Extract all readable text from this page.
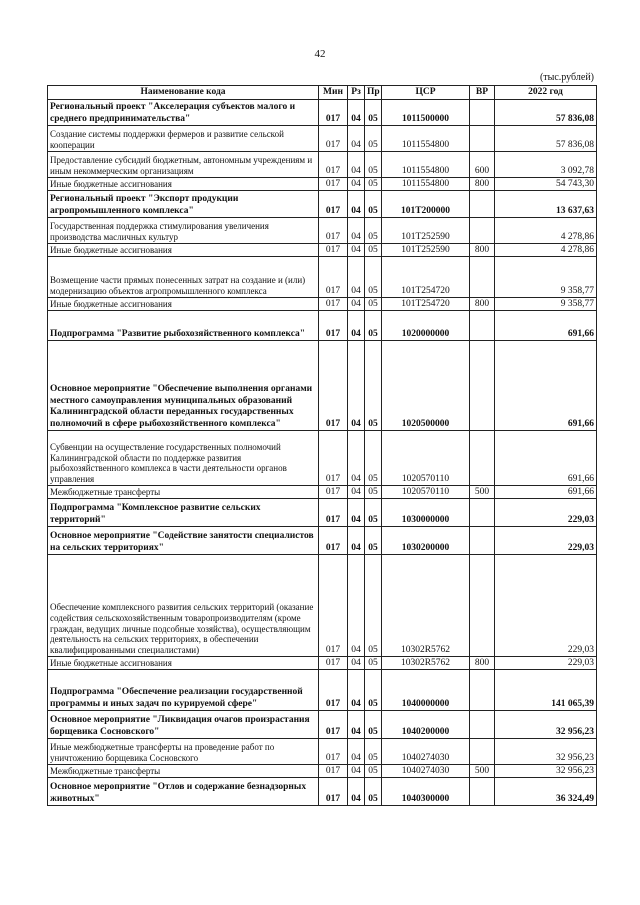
42
(тыс.рублей)
Наименование кода	Мин	Рз	Пр	ЦСР	ВР	2022 год
Региональный проект "Акселерация субъектов малого и среднего предпринимательства"	017	04	05	1011500000		57 836,08
Создание системы поддержки фермеров и развитие сельской кооперации	017	04	05	1011554800		57 836,08
Предоставление субсидий бюджетным, автономным учреждениям и иным некоммерческим организациям	017	04	05	1011554800	600	3 092,78
Иные бюджетные ассигнования	017	04	05	1011554800	800	54 743,30
Региональный проект "Экспорт продукции агропромышленного комплекса"	017	04	05	101Т200000		13 637,63
Государственная поддержка стимулирования увеличения производства масличных культур	017	04	05	101Т252590		4 278,86
Иные бюджетные ассигнования	017	04	05	101Т252590	800	4 278,86
Возмещение части прямых понесенных затрат на создание и (или) модернизацию объектов агропромышленного комплекса	017	04	05	101Т254720		9 358,77
Иные бюджетные ассигнования	017	04	05	101Т254720	800	9 358,77
Подпрограмма "Развитие рыбохозяйственного комплекса"	017	04	05	1020000000		691,66
Основное мероприятие "Обеспечение выполнения органами местного самоуправления муниципальных образований Калининградской области переданных государственных полномочий в сфере рыбохозяйственного комплекса"	017	04	05	1020500000		691,66
Субвенции на осуществление государственных полномочий Калининградской области по поддержке развития рыбохозяйственного комплекса в части деятельности органов управления	017	04	05	1020570110		691,66
Межбюджетные трансферты	017	04	05	1020570110	500	691,66
Подпрограмма "Комплексное развитие сельских территорий"	017	04	05	1030000000		229,03
Основное мероприятие "Содействие занятости специалистов на сельских территориях"	017	04	05	1030200000		229,03
Обеспечение комплексного развития сельских территорий (оказание содействия сельскохозяйственным товаропроизводителям (кроме граждан, ведущих личные подсобные хозяйства), осуществляющим деятельность на сельских территориях, в обеспечении квалифицированными специалистами)	017	04	05	10302R5762		229,03
Иные бюджетные ассигнования	017	04	05	10302R5762	800	229,03
Подпрограмма "Обеспечение реализации государственной программы и иных задач по курируемой сфере"	017	04	05	1040000000		141 065,39
Основное мероприятие "Ликвидация очагов произрастания борщевика Сосновского"	017	04	05	1040200000		32 956,23
Иные межбюджетные трансферты на проведение работ по уничтожению борщевика Сосновского	017	04	05	1040274030		32 956,23
Межбюджетные трансферты	017	04	05	1040274030	500	32 956,23
Основное мероприятие "Отлов и содержание безнадзорных животных"	017	04	05	1040300000		36 324,49
